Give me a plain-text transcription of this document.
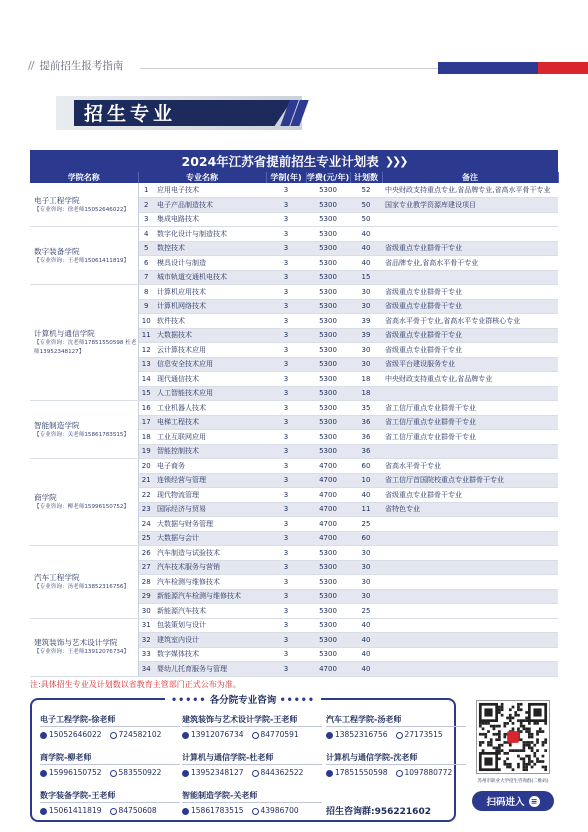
// 提前招生报考指南
招生专业
2024年江苏省提前招生专业计划表 ❯❯❯
学院名称	专业名称		学制(年)	学费(元/年)	计划数	备注

电子工程学院
【专业咨询：徐老师15052646022】	1	应用电子技术	3	5300	52	中央财政支持重点专业,省品牌专业,省高水平骨干专业
	2	电子产品制造技术	3	5300	50	国家专业教学资源库建设项目
	3	集成电路技术	3	5300	50	

数字装备学院
【专业咨询：王老师15061411819】	4	数字化设计与制造技术	3	5300	40	
	5	数控技术	3	5300	40	省级重点专业群骨干专业
	6	模具设计与制造	3	5300	40	省品牌专业,省高水平骨干专业
	7	城市轨道交通机电技术	3	5300	15	

计算机与通信学院
【专业咨询：沈老师17851550598 杜老师13952348127】	8	计算机应用技术	3	5300	30	省级重点专业群骨干专业
	9	计算机网络技术	3	5300	30	省级重点专业群骨干专业
	10	软件技术	3	5300	39	省高水平骨干专业,省高水平专业群核心专业
	11	大数据技术	3	5300	39	省级重点专业群骨干专业
	12	云计算技术应用	3	5300	30	省级重点专业群骨干专业
	13	信息安全技术应用	3	5300	30	省级平台建设服务专业
	14	现代通信技术	3	5300	18	中央财政支持重点专业,省品牌专业
	15	人工智能技术应用	3	5300	18	

智能制造学院
【专业咨询：关老师15861783515】	16	工业机器人技术	3	5300	35	省工信厅重点专业群骨干专业
	17	电梯工程技术	3	5300	36	省工信厅重点专业群骨干专业
	18	工业互联网应用	3	5300	36	省工信厅重点专业群骨干专业
	19	智能控制技术	3	5300	36	

商学院
【专业咨询：柳老师15996150752】	20	电子商务	3	4700	60	省高水平骨干专业
	21	连锁经营与管理	3	4700	10	省工信厅首国院校重点专业群骨干专业
	22	现代物流管理	3	4700	40	省级重点专业群骨干专业
	23	国际经济与贸易	3	4700	11	省特色专业
	24	大数据与财务管理	3	4700	25	
	25	大数据与会计	3	4700	60	

汽车工程学院
【专业咨询：汤老师13852316756】	26	汽车制造与试验技术	3	5300	30	
	27	汽车技术服务与营销	3	5300	30	
	28	汽车检测与维修技术	3	5300	30	
	29	新能源汽车检测与维修技术	3	5300	30	
	30	新能源汽车技术	3	5300	25	

建筑装饰与艺术设计学院
【专业咨询：王老师13912076734】	31	包装策划与设计	3	5300	40	
	32	建筑室内设计	3	5300	40	
	33	数字媒体技术	3	5300	40	
	34	婴幼儿托育服务与管理	3	4700	40	
注:具体招生专业及计划数以省教育主管部门正式公布为准。
••••• 各分院专业咨询 •••••
电子工程学院-徐老师
15052646022	724582102
建筑装饰与艺术设计学院-王老师
13912076734	84770591
汽车工程学院-汤老师
13852316756	27173515
商学院-柳老师
15996150752	583550922
计算机与通信学院-杜老师
13952348127	844362522
计算机与通信学院-沈老师
17851550598	1097880772
数字装备学院-王老师
15061411819	84750608
智能制造学院-关老师
15861783515	43986700	招生咨询群:956221602
苏州市职业大学招生咨询群(二维码)
扫码进入 ≡
